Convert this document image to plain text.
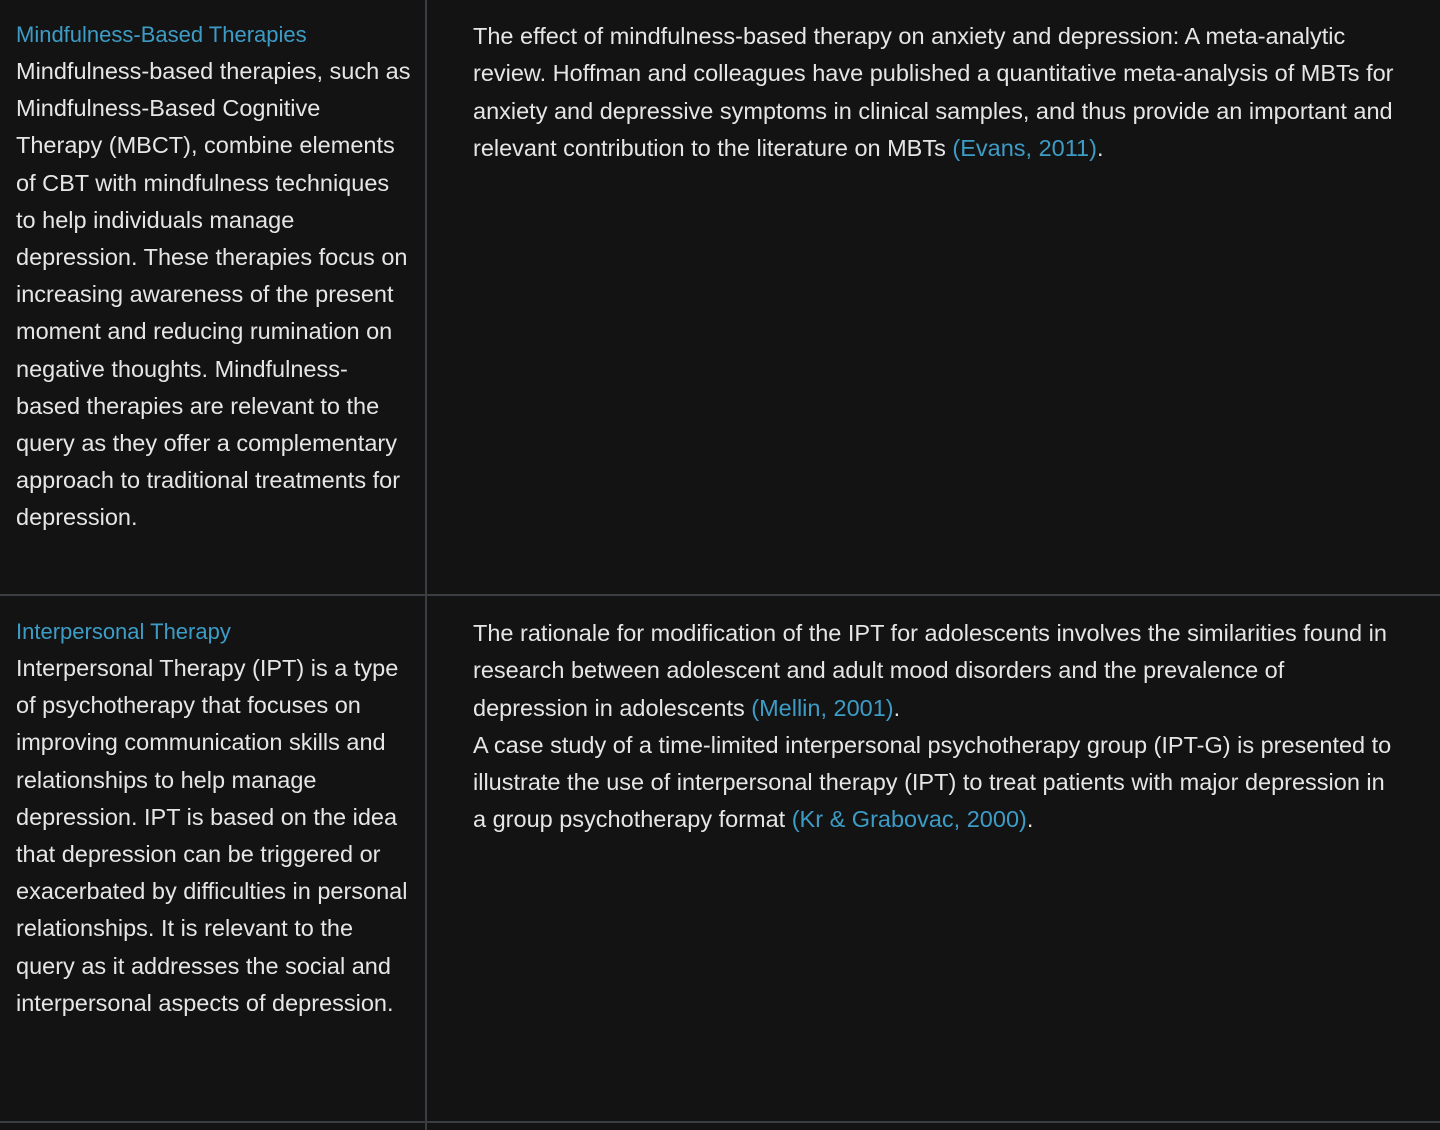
Mindfulness-Based Therapies
Mindfulness-based therapies, such as Mindfulness-Based Cognitive Therapy (MBCT), combine elements of CBT with mindfulness techniques to help individuals manage depression. These therapies focus on increasing awareness of the present moment and reducing rumination on negative thoughts. Mindfulness-based therapies are relevant to the query as they offer a complementary approach to traditional treatments for depression.
The effect of mindfulness-based therapy on anxiety and depression: A meta-analytic review. Hoffman and colleagues have published a quantitative meta-analysis of MBTs for anxiety and depressive symptoms in clinical samples, and thus provide an important and relevant contribution to the literature on MBTs (Evans, 2011).
Interpersonal Therapy
Interpersonal Therapy (IPT) is a type of psychotherapy that focuses on improving communication skills and relationships to help manage depression. IPT is based on the idea that depression can be triggered or exacerbated by difficulties in personal relationships. It is relevant to the query as it addresses the social and interpersonal aspects of depression.
The rationale for modification of the IPT for adolescents involves the similarities found in research between adolescent and adult mood disorders and the prevalence of depression in adolescents (Mellin, 2001).
A case study of a time-limited interpersonal psychotherapy group (IPT-G) is presented to illustrate the use of interpersonal therapy (IPT) to treat patients with major depression in a group psychotherapy format (Kr & Grabovac, 2000).
